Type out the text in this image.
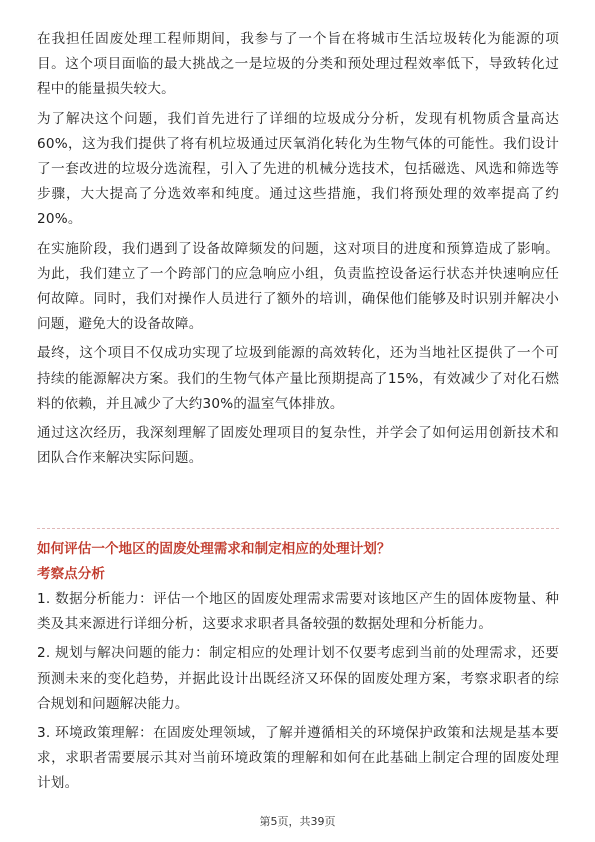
在我担任固废处理工程师期间，我参与了一个旨在将城市生活垃圾转化为能源的项目。这个项目面临的最大挑战之一是垃圾的分类和预处理过程效率低下，导致转化过程中的能量损失较大。

为了解决这个问题，我们首先进行了详细的垃圾成分分析，发现有机物质含量高达60%，这为我们提供了将有机垃圾通过厌氧消化转化为生物气体的可能性。我们设计了一套改进的垃圾分选流程，引入了先进的机械分选技术，包括磁选、风选和筛选等步骤，大大提高了分选效率和纯度。通过这些措施，我们将预处理的效率提高了约20%。

在实施阶段，我们遇到了设备故障频发的问题，这对项目的进度和预算造成了影响。为此，我们建立了一个跨部门的应急响应小组，负责监控设备运行状态并快速响应任何故障。同时，我们对操作人员进行了额外的培训，确保他们能够及时识别并解决小问题，避免大的设备故障。

最终，这个项目不仅成功实现了垃圾到能源的高效转化，还为当地社区提供了一个可持续的能源解决方案。我们的生物气体产量比预期提高了15%，有效减少了对化石燃料的依赖，并且减少了大约30%的温室气体排放。

通过这次经历，我深刻理解了固废处理项目的复杂性，并学会了如何运用创新技术和团队合作来解决实际问题。

如何评估一个地区的固废处理需求和制定相应的处理计划？

考察点分析

1. 数据分析能力：评估一个地区的固废处理需求需要对该地区产生的固体废物量、种类及其来源进行详细分析，这要求求职者具备较强的数据处理和分析能力。

2. 规划与解决问题的能力：制定相应的处理计划不仅要考虑到当前的处理需求，还要预测未来的变化趋势，并据此设计出既经济又环保的固废处理方案，考察求职者的综合规划和问题解决能力。

3. 环境政策理解：在固废处理领域，了解并遵循相关的环境保护政策和法规是基本要求，求职者需要展示其对当前环境政策的理解和如何在此基础上制定合理的固废处理计划。

第5页，共39页
